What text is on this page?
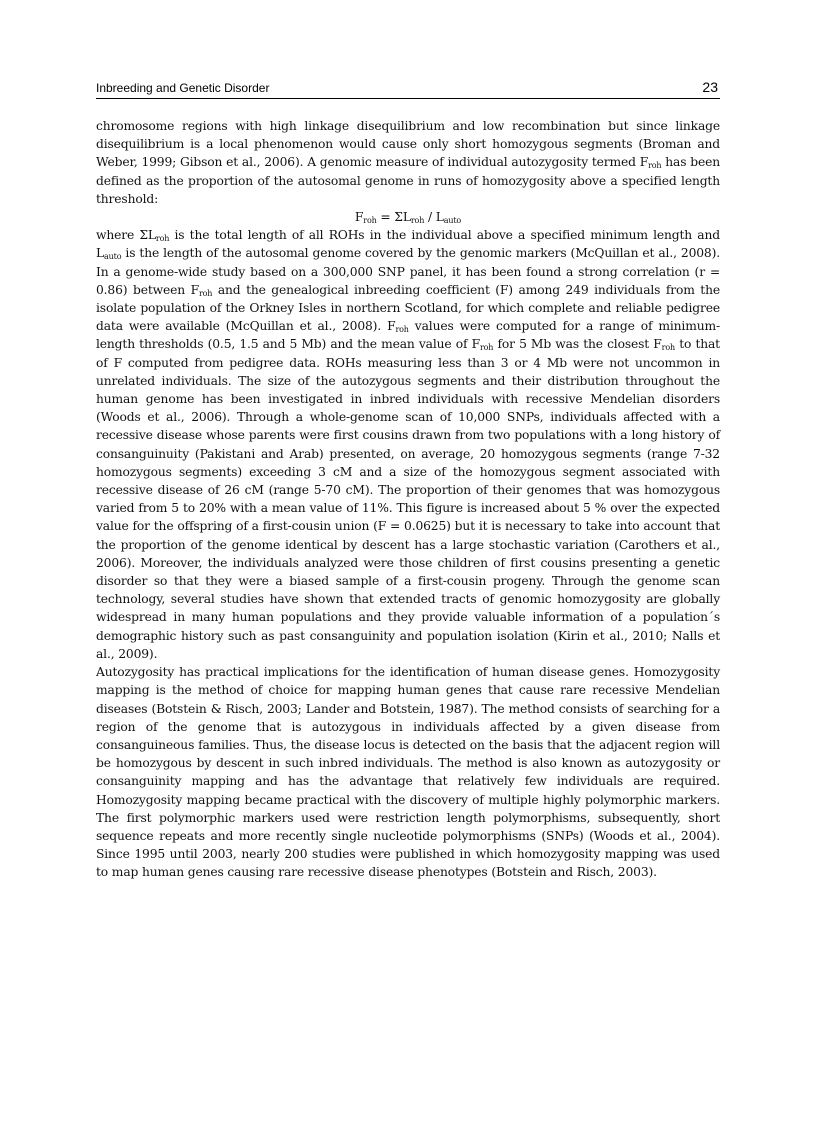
Inbreeding and Genetic Disorder	23

chromosome regions with high linkage disequilibrium and low recombination but since linkage disequilibrium is a local phenomenon would cause only short homozygous segments (Broman and Weber, 1999; Gibson et al., 2006). A genomic measure of individual autozygosity termed $F_{roh}$ has been defined as the proportion of the autosomal genome in runs of homozygosity above a specified length threshold:

$F_{roh} = \Sigma L_{roh} / L_{auto}$

where $\Sigma L_{roh}$ is the total length of all ROHs in the individual above a specified minimum length and $L_{auto}$ is the length of the autosomal genome covered by the genomic markers (McQuillan et al., 2008). In a genome-wide study based on a 300,000 SNP panel, it has been found a strong correlation (r = 0.86) between $F_{roh}$ and the genealogical inbreeding coefficient (F) among 249 individuals from the isolate population of the Orkney Isles in northern Scotland, for which complete and reliable pedigree data were available (McQuillan et al., 2008). $F_{roh}$ values were computed for a range of minimum-length thresholds (0.5, 1.5 and 5 Mb) and the mean value of $F_{roh}$ for 5 Mb was the closest $F_{roh}$ to that of F computed from pedigree data. ROHs measuring less than 3 or 4 Mb were not uncommon in unrelated individuals. The size of the autozygous segments and their distribution throughout the human genome has been investigated in inbred individuals with recessive Mendelian disorders (Woods et al., 2006). Through a whole-genome scan of 10,000 SNPs, individuals affected with a recessive disease whose parents were first cousins drawn from two populations with a long history of consanguinuity (Pakistani and Arab) presented, on average, 20 homozygous segments (range 7-32 homozygous segments) exceeding 3 cM and a size of the homozygous segment associated with recessive disease of 26 cM (range 5-70 cM). The proportion of their genomes that was homozygous varied from 5 to 20% with a mean value of 11%. This figure is increased about 5 % over the expected value for the offspring of a first-cousin union (F = 0.0625) but it is necessary to take into account that the proportion of the genome identical by descent has a large stochastic variation (Carothers et al., 2006). Moreover, the individuals analyzed were those children of first cousins presenting a genetic disorder so that they were a biased sample of a first-cousin progeny. Through the genome scan technology, several studies have shown that extended tracts of genomic homozygosity are globally widespread in many human populations and they provide valuable information of a population´s demographic history such as past consanguinity and population isolation (Kirin et al., 2010; Nalls et al., 2009).

Autozygosity has practical implications for the identification of human disease genes. Homozygosity mapping is the method of choice for mapping human genes that cause rare recessive Mendelian diseases (Botstein & Risch, 2003; Lander and Botstein, 1987). The method consists of searching for a region of the genome that is autozygous in individuals affected by a given disease from consanguineous families. Thus, the disease locus is detected on the basis that the adjacent region will be homozygous by descent in such inbred individuals. The method is also known as autozygosity or consanguinity mapping and has the advantage that relatively few individuals are required. Homozygosity mapping became practical with the discovery of multiple highly polymorphic markers. The first polymorphic markers used were restriction length polymorphisms, subsequently, short sequence repeats and more recently single nucleotide polymorphisms (SNPs) (Woods et al., 2004). Since 1995 until 2003, nearly 200 studies were published in which homozygosity mapping was used to map human genes causing rare recessive disease phenotypes (Botstein and Risch, 2003).
